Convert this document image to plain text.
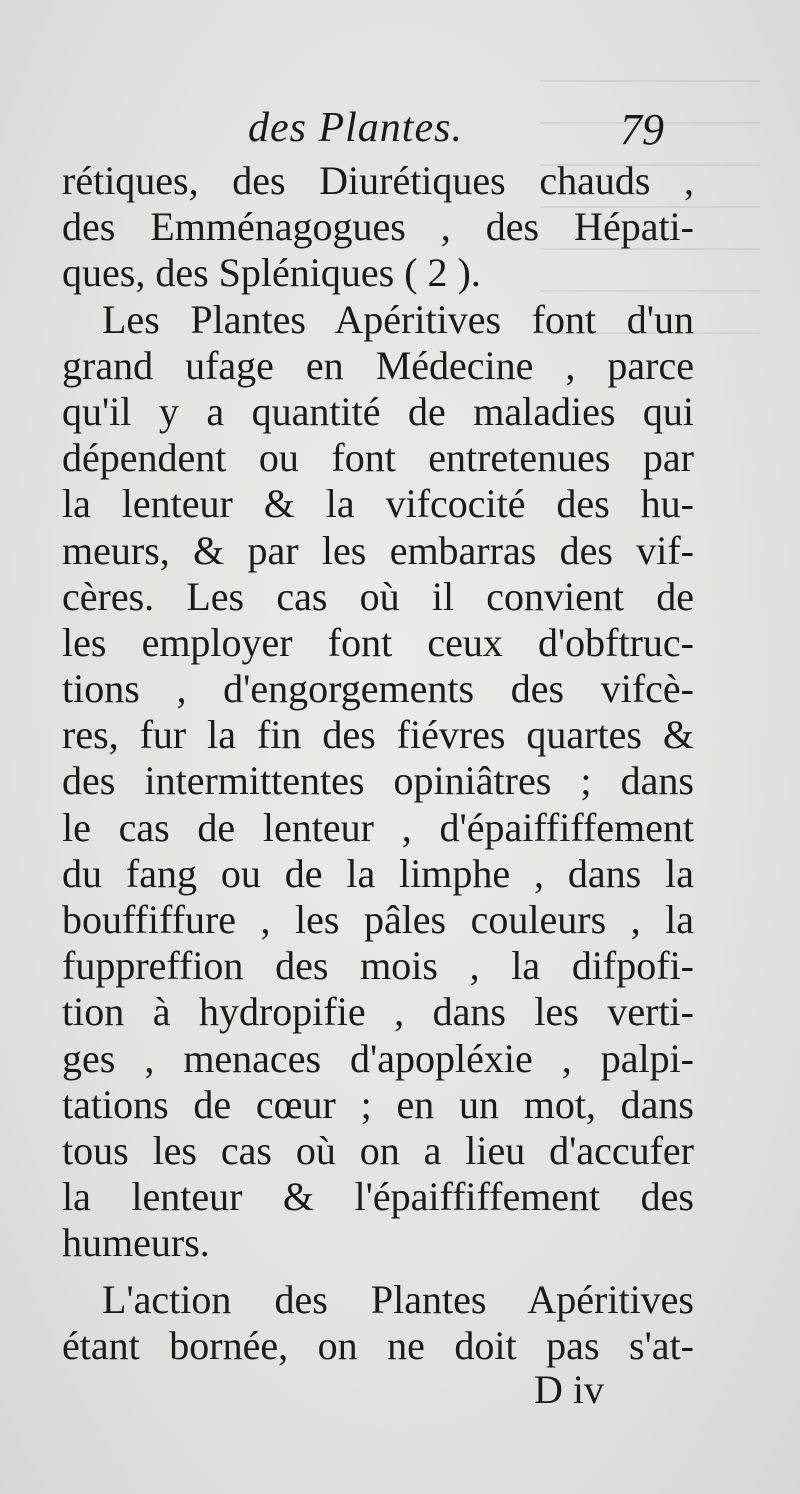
des Plantes.	79
rétiques, des Diurétiques chauds ,
des Emménagogues , des Hépati-
ques, des Spléniques ( 2 ).
Les Plantes Apéritives font d'un
grand ufage en Médecine , parce
qu'il y a quantité de maladies qui
dépendent ou font entretenues par
la lenteur & la vifcocité des hu-
meurs, & par les embarras des vif-
cères. Les cas où il convient de
les employer font ceux d'obftruc-
tions , d'engorgements des vifcè-
res, fur la fin des fiévres quartes &
des intermittentes opiniâtres ; dans
le cas de lenteur , d'épaiffiffement
du fang ou de la limphe , dans la
bouffiffure , les pâles couleurs , la
fuppreffion des mois , la difpofi-
tion à hydropifie , dans les verti-
ges , menaces d'apopléxie , palpi-
tations de cœur ; en un mot, dans
tous les cas où on a lieu d'accufer
la lenteur & l'épaiffiffement des
humeurs.
L'action des Plantes Apéritives
étant bornée, on ne doit pas s'at-
D iv
